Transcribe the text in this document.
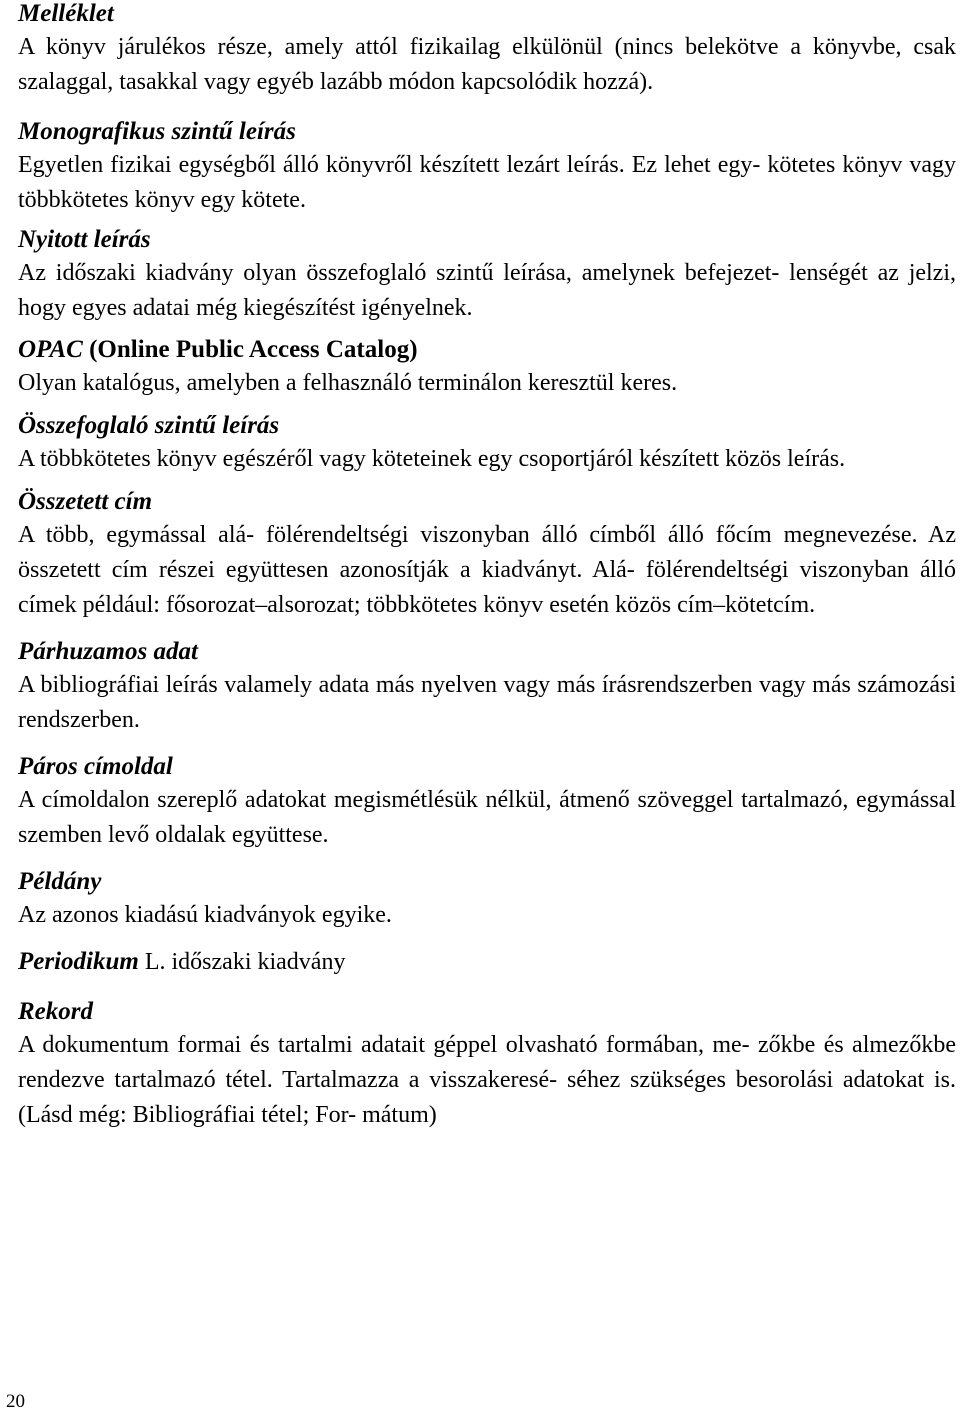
Melléklet

A könyv járulékos része, amely attól fizikailag elkülönül (nincs belekötve a könyvbe, csak szalaggal, tasakkal vagy egyéb lazább módon kapcsolódik hozzá).

Monografikus szintű leírás

Egyetlen fizikai egységből álló könyvről készített lezárt leírás. Ez lehet egy- kötetes könyv vagy többkötetes könyv egy kötete.

Nyitott leírás

Az időszaki kiadvány olyan összefoglaló szintű leírása, amelynek befejezet- lenségét az jelzi, hogy egyes adatai még kiegészítést igényelnek.

OPAC (Online Public Access Catalog)

Olyan katalógus, amelyben a felhasználó terminálon keresztül keres.

Összefoglaló szintű leírás

A többkötetes könyv egészéről vagy köteteinek egy csoportjáról készített közös leírás.

Összetett cím

A több, egymással alá- fölérendeltségi viszonyban álló címből álló főcím megnevezése. Az összetett cím részei együttesen azonosítják a kiadványt. Alá- fölérendeltségi viszonyban álló címek például: fősorozat–alsorozat; többkötetes könyv esetén közös cím–kötetcím.

Párhuzamos adat

A bibliográfiai leírás valamely adata más nyelven vagy más írásrendszerben vagy más számozási rendszerben.

Páros címoldal

A címoldalon szereplő adatokat megismétlésük nélkül, átmenő szöveggel tartalmazó, egymással szemben levő oldalak együttese.

Példány

Az azonos kiadású kiadványok egyike.

Periodikum L. időszaki kiadvány

Rekord

A dokumentum formai és tartalmi adatait géppel olvasható formában, me- zőkbe és almezőkbe rendezve tartalmazó tétel. Tartalmazza a visszakeresé- séhez szükséges besorolási adatokat is. (Lásd még: Bibliográfiai tétel; For- mátum)

20
